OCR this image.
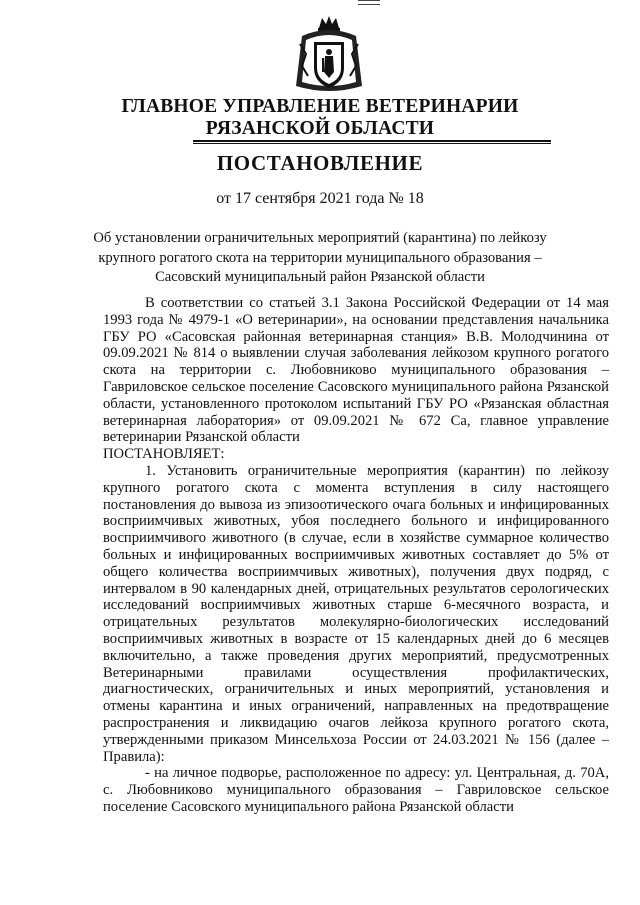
ГЛАВНОЕ УПРАВЛЕНИЕ ВЕТЕРИНАРИИ
РЯЗАНСКОЙ ОБЛАСТИ
ПОСТАНОВЛЕНИЕ
от 17 сентября 2021 года № 18
Об установлении ограничительных мероприятий (карантина) по лейкозу
крупного рогатого скота на территории муниципального образования –
Сасовский муниципальный район Рязанской области

В соответствии со статьей 3.1 Закона Российской Федерации от 14 мая 1993 года № 4979-1 «О ветеринарии», на основании представления начальника ГБУ РО «Сасовская районная ветеринарная станция» В.В. Молодчинина от 09.09.2021 № 814 о выявлении случая заболевания лейкозом крупного рогатого скота на территории с. Любовниково муниципального образования – Гавриловское сельское поселение Сасовского муниципального района Рязанской области, установленного протоколом испытаний ГБУ РО «Рязанская областная ветеринарная лаборатория» от 09.09.2021 № 672 Са, главное управление ветеринарии Рязанской области

ПОСТАНОВЛЯЕТ:

1. Установить ограничительные мероприятия (карантин) по лейкозу крупного рогатого скота с момента вступления в силу настоящего постановления до вывоза из эпизоотического очага больных и инфицированных восприимчивых животных, убоя последнего больного и инфицированного восприимчивого животного (в случае, если в хозяйстве суммарное количество больных и инфицированных восприимчивых животных составляет до 5% от общего количества восприимчивых животных), получения двух подряд, с интервалом в 90 календарных дней, отрицательных результатов серологических исследований восприимчивых животных старше 6-месячного возраста, и отрицательных результатов молекулярно-биологических исследований восприимчивых животных в возрасте от 15 календарных дней до 6 месяцев включительно, а также проведения других мероприятий, предусмотренных Ветеринарными правилами осуществления профилактических, диагностических, ограничительных и иных мероприятий, установления и отмены карантина и иных ограничений, направленных на предотвращение распространения и ликвидацию очагов лейкоза крупного рогатого скота, утвержденными приказом Минсельхоза России от 24.03.2021 № 156 (далее – Правила):

- на личное подворье, расположенное по адресу: ул. Центральная, д. 70А, с. Любовниково муниципального образования – Гавриловское сельское поселение Сасовского муниципального района Рязанской области
